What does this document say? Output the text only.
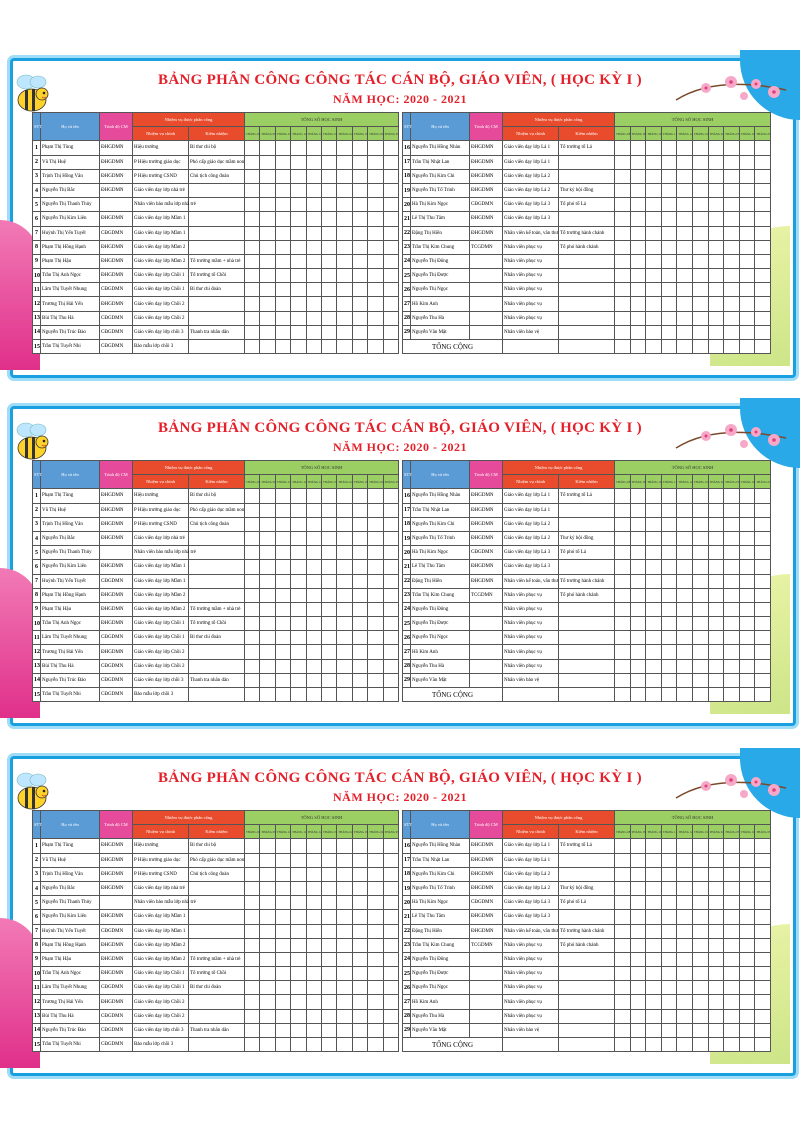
BẢNG PHÂN CÔNG CÔNG TÁC CÁN BỘ, GIÁO VIÊN, ( HỌC KỲ I )
NĂM HỌC: 2020 - 2021
STT	Họ và tên	Trình độ CM	Nhiệm vụ được phân công		TỔNG SỐ HỌC SINH									
			Nhiệm vụ chính	Kiêm nhiệm	THÁNG 08	THÁNG 09	THÁNG 10	THÁNG 11	THÁNG 12	THÁNG 01	THÁNG 02	THÁNG 03	THÁNG 04	THÁNG 05

1	Phạm Thị Tùng	ĐHGDMN	Hiệu trưởng	Bí thư chi bộ										
2	Vũ Thị Huệ	ĐHGDMN	P Hiệu trưởng giáo dục	Phó cấp giáo dục mầm non										
3	Trịnh Thị Hồng Vân	ĐHGDMN	P Hiệu trưởng CSND	Chủ tịch công đoàn										
4	Nguyễn Thị Bắc	ĐHGDMN	Giáo viên dạy lớp nhà trẻ											
5	Nguyễn Thị Thanh Thủy		Nhân viên bảo mẫu lớp nhà trẻ											
6	Nguyễn Thị Kim Liên	ĐHGDMN	Giáo viên dạy lớp Mầm 1											
7	Huỳnh Thị Yến Tuyết	CĐGDMN	Giáo viên dạy lớp Mầm 1											
8	Phạm Thị Hồng Hạnh	ĐHGDMN	Giáo viên dạy lớp Mầm 2											
9	Phạm Thị Hậu	ĐHGDMN	Giáo viên dạy lớp Mầm 2	Tổ trưởng mầm + nhà trẻ										
10	Trần Thị Anh Ngọc	ĐHGDMN	Giáo viên dạy lớp Chồi 1	Tổ trưởng tổ Chồi										
11	Lâm Thị Tuyết Nhung	CĐGDMN	Giáo viên dạy lớp Chồi 1	Bí thư chi đoàn										
12	Trương Thị Hải Yến	ĐHGDMN	Giáo viên dạy lớp Chồi 2											
13	Bùi Thị Thu Hà	CĐGDMN	Giáo viên dạy lớp Chồi 2											
14	Nguyễn Thị Trúc Đào	CĐGDMN	Giáo viên dạy lớp chồi 3	Thanh tra nhân dân										
15	Trần Thị Tuyết Nhi	CĐGDMN	Bảo mẫu lớp chồi 3											
STT	Họ và tên	Trình độ CM	Nhiệm vụ được phân công		TỔNG SỐ HỌC SINH									
			Nhiệm vụ chính	Kiêm nhiệm	THÁNG 08	THÁNG 09	THÁNG 10	THÁNG 11	THÁNG 12	THÁNG 01	THÁNG 02	THÁNG 03	THÁNG 04	THÁNG 05

16	Nguyễn Thị Hồng Nhàn	ĐHGDMN	Giáo viên dạy lớp Lá 1	Tổ trưởng tổ Lá										
17	Trần Thị Nhật Lan	ĐHGDMN	Giáo viên dạy lớp Lá 1											
18	Nguyễn Thị Kim Chi	ĐHGDMN	Giáo viên dạy lớp Lá 2											
19	Nguyễn Thị Tố Trinh	ĐHGDMN	Giáo viên dạy lớp Lá 2	Thư ký hội đồng										
20	Hà Thị Kim Ngọc	CĐGDMN	Giáo viên dạy lớp Lá 3	Tổ phó tổ Lá										
21	Lê Thị Thu Tâm	ĐHGDMN	Giáo viên dạy lớp Lá 3											
22	Đặng Thị Hiền	ĐHGDMN	Nhân viên kế toán, văn thư	Tổ trưởng hành chánh										
23	Trần Thị Kim Chung	TCGDMN	Nhân viên phục vụ	Tổ phó hành chánh										
24	Nguyễn Thị Đông		Nhân viên phục vụ											
25	Nguyễn Thị Được		Nhân viên phục vụ											
26	Nguyễn Thị Ngọc		Nhân viên phục vụ											
27	Hồ Kim Anh		Nhân viên phục vụ											
28	Nguyễn Thu Hà		Nhân viên phục vụ											
29	Nguyễn Văn Mật		Nhân viên bảo vệ											
TỔNG CỘNG														
BẢNG PHÂN CÔNG CÔNG TÁC CÁN BỘ, GIÁO VIÊN, ( HỌC KỲ I )
NĂM HỌC: 2020 - 2021
STT	Họ và tên	Trình độ CM	Nhiệm vụ được phân công		TỔNG SỐ HỌC SINH									
			Nhiệm vụ chính	Kiêm nhiệm	THÁNG 08	THÁNG 09	THÁNG 10	THÁNG 11	THÁNG 12	THÁNG 01	THÁNG 02	THÁNG 03	THÁNG 04	THÁNG 05

1	Phạm Thị Tùng	ĐHGDMN	Hiệu trưởng	Bí thư chi bộ										
2	Vũ Thị Huệ	ĐHGDMN	P Hiệu trưởng giáo dục	Phó cấp giáo dục mầm non										
3	Trịnh Thị Hồng Vân	ĐHGDMN	P Hiệu trưởng CSND	Chủ tịch công đoàn										
4	Nguyễn Thị Bắc	ĐHGDMN	Giáo viên dạy lớp nhà trẻ											
5	Nguyễn Thị Thanh Thủy		Nhân viên bảo mẫu lớp nhà trẻ											
6	Nguyễn Thị Kim Liên	ĐHGDMN	Giáo viên dạy lớp Mầm 1											
7	Huỳnh Thị Yến Tuyết	CĐGDMN	Giáo viên dạy lớp Mầm 1											
8	Phạm Thị Hồng Hạnh	ĐHGDMN	Giáo viên dạy lớp Mầm 2											
9	Phạm Thị Hậu	ĐHGDMN	Giáo viên dạy lớp Mầm 2	Tổ trưởng mầm + nhà trẻ										
10	Trần Thị Anh Ngọc	ĐHGDMN	Giáo viên dạy lớp Chồi 1	Tổ trưởng tổ Chồi										
11	Lâm Thị Tuyết Nhung	CĐGDMN	Giáo viên dạy lớp Chồi 1	Bí thư chi đoàn										
12	Trương Thị Hải Yến	ĐHGDMN	Giáo viên dạy lớp Chồi 2											
13	Bùi Thị Thu Hà	CĐGDMN	Giáo viên dạy lớp Chồi 2											
14	Nguyễn Thị Trúc Đào	CĐGDMN	Giáo viên dạy lớp chồi 3	Thanh tra nhân dân										
15	Trần Thị Tuyết Nhi	CĐGDMN	Bảo mẫu lớp chồi 3											
STT	Họ và tên	Trình độ CM	Nhiệm vụ được phân công		TỔNG SỐ HỌC SINH									
			Nhiệm vụ chính	Kiêm nhiệm	THÁNG 08	THÁNG 09	THÁNG 10	THÁNG 11	THÁNG 12	THÁNG 01	THÁNG 02	THÁNG 03	THÁNG 04	THÁNG 05

16	Nguyễn Thị Hồng Nhàn	ĐHGDMN	Giáo viên dạy lớp Lá 1	Tổ trưởng tổ Lá										
17	Trần Thị Nhật Lan	ĐHGDMN	Giáo viên dạy lớp Lá 1											
18	Nguyễn Thị Kim Chi	ĐHGDMN	Giáo viên dạy lớp Lá 2											
19	Nguyễn Thị Tố Trinh	ĐHGDMN	Giáo viên dạy lớp Lá 2	Thư ký hội đồng										
20	Hà Thị Kim Ngọc	CĐGDMN	Giáo viên dạy lớp Lá 3	Tổ phó tổ Lá										
21	Lê Thị Thu Tâm	ĐHGDMN	Giáo viên dạy lớp Lá 3											
22	Đặng Thị Hiền	ĐHGDMN	Nhân viên kế toán, văn thư	Tổ trưởng hành chánh										
23	Trần Thị Kim Chung	TCGDMN	Nhân viên phục vụ	Tổ phó hành chánh										
24	Nguyễn Thị Đông		Nhân viên phục vụ											
25	Nguyễn Thị Được		Nhân viên phục vụ											
26	Nguyễn Thị Ngọc		Nhân viên phục vụ											
27	Hồ Kim Anh		Nhân viên phục vụ											
28	Nguyễn Thu Hà		Nhân viên phục vụ											
29	Nguyễn Văn Mật		Nhân viên bảo vệ											
TỔNG CỘNG														
BẢNG PHÂN CÔNG CÔNG TÁC CÁN BỘ, GIÁO VIÊN, ( HỌC KỲ I )
NĂM HỌC: 2020 - 2021
STT	Họ và tên	Trình độ CM	Nhiệm vụ được phân công		TỔNG SỐ HỌC SINH									
			Nhiệm vụ chính	Kiêm nhiệm	THÁNG 08	THÁNG 09	THÁNG 10	THÁNG 11	THÁNG 12	THÁNG 01	THÁNG 02	THÁNG 03	THÁNG 04	THÁNG 05

1	Phạm Thị Tùng	ĐHGDMN	Hiệu trưởng	Bí thư chi bộ										
2	Vũ Thị Huệ	ĐHGDMN	P Hiệu trưởng giáo dục	Phó cấp giáo dục mầm non										
3	Trịnh Thị Hồng Vân	ĐHGDMN	P Hiệu trưởng CSND	Chủ tịch công đoàn										
4	Nguyễn Thị Bắc	ĐHGDMN	Giáo viên dạy lớp nhà trẻ											
5	Nguyễn Thị Thanh Thủy		Nhân viên bảo mẫu lớp nhà trẻ											
6	Nguyễn Thị Kim Liên	ĐHGDMN	Giáo viên dạy lớp Mầm 1											
7	Huỳnh Thị Yến Tuyết	CĐGDMN	Giáo viên dạy lớp Mầm 1											
8	Phạm Thị Hồng Hạnh	ĐHGDMN	Giáo viên dạy lớp Mầm 2											
9	Phạm Thị Hậu	ĐHGDMN	Giáo viên dạy lớp Mầm 2	Tổ trưởng mầm + nhà trẻ										
10	Trần Thị Anh Ngọc	ĐHGDMN	Giáo viên dạy lớp Chồi 1	Tổ trưởng tổ Chồi										
11	Lâm Thị Tuyết Nhung	CĐGDMN	Giáo viên dạy lớp Chồi 1	Bí thư chi đoàn										
12	Trương Thị Hải Yến	ĐHGDMN	Giáo viên dạy lớp Chồi 2											
13	Bùi Thị Thu Hà	CĐGDMN	Giáo viên dạy lớp Chồi 2											
14	Nguyễn Thị Trúc Đào	CĐGDMN	Giáo viên dạy lớp chồi 3	Thanh tra nhân dân										
15	Trần Thị Tuyết Nhi	CĐGDMN	Bảo mẫu lớp chồi 3											
STT	Họ và tên	Trình độ CM	Nhiệm vụ được phân công		TỔNG SỐ HỌC SINH									
			Nhiệm vụ chính	Kiêm nhiệm	THÁNG 08	THÁNG 09	THÁNG 10	THÁNG 11	THÁNG 12	THÁNG 01	THÁNG 02	THÁNG 03	THÁNG 04	THÁNG 05

16	Nguyễn Thị Hồng Nhàn	ĐHGDMN	Giáo viên dạy lớp Lá 1	Tổ trưởng tổ Lá										
17	Trần Thị Nhật Lan	ĐHGDMN	Giáo viên dạy lớp Lá 1											
18	Nguyễn Thị Kim Chi	ĐHGDMN	Giáo viên dạy lớp Lá 2											
19	Nguyễn Thị Tố Trinh	ĐHGDMN	Giáo viên dạy lớp Lá 2	Thư ký hội đồng										
20	Hà Thị Kim Ngọc	CĐGDMN	Giáo viên dạy lớp Lá 3	Tổ phó tổ Lá										
21	Lê Thị Thu Tâm	ĐHGDMN	Giáo viên dạy lớp Lá 3											
22	Đặng Thị Hiền	ĐHGDMN	Nhân viên kế toán, văn thư	Tổ trưởng hành chánh										
23	Trần Thị Kim Chung	TCGDMN	Nhân viên phục vụ	Tổ phó hành chánh										
24	Nguyễn Thị Đông		Nhân viên phục vụ											
25	Nguyễn Thị Được		Nhân viên phục vụ											
26	Nguyễn Thị Ngọc		Nhân viên phục vụ											
27	Hồ Kim Anh		Nhân viên phục vụ											
28	Nguyễn Thu Hà		Nhân viên phục vụ											
29	Nguyễn Văn Mật		Nhân viên bảo vệ											
TỔNG CỘNG														
